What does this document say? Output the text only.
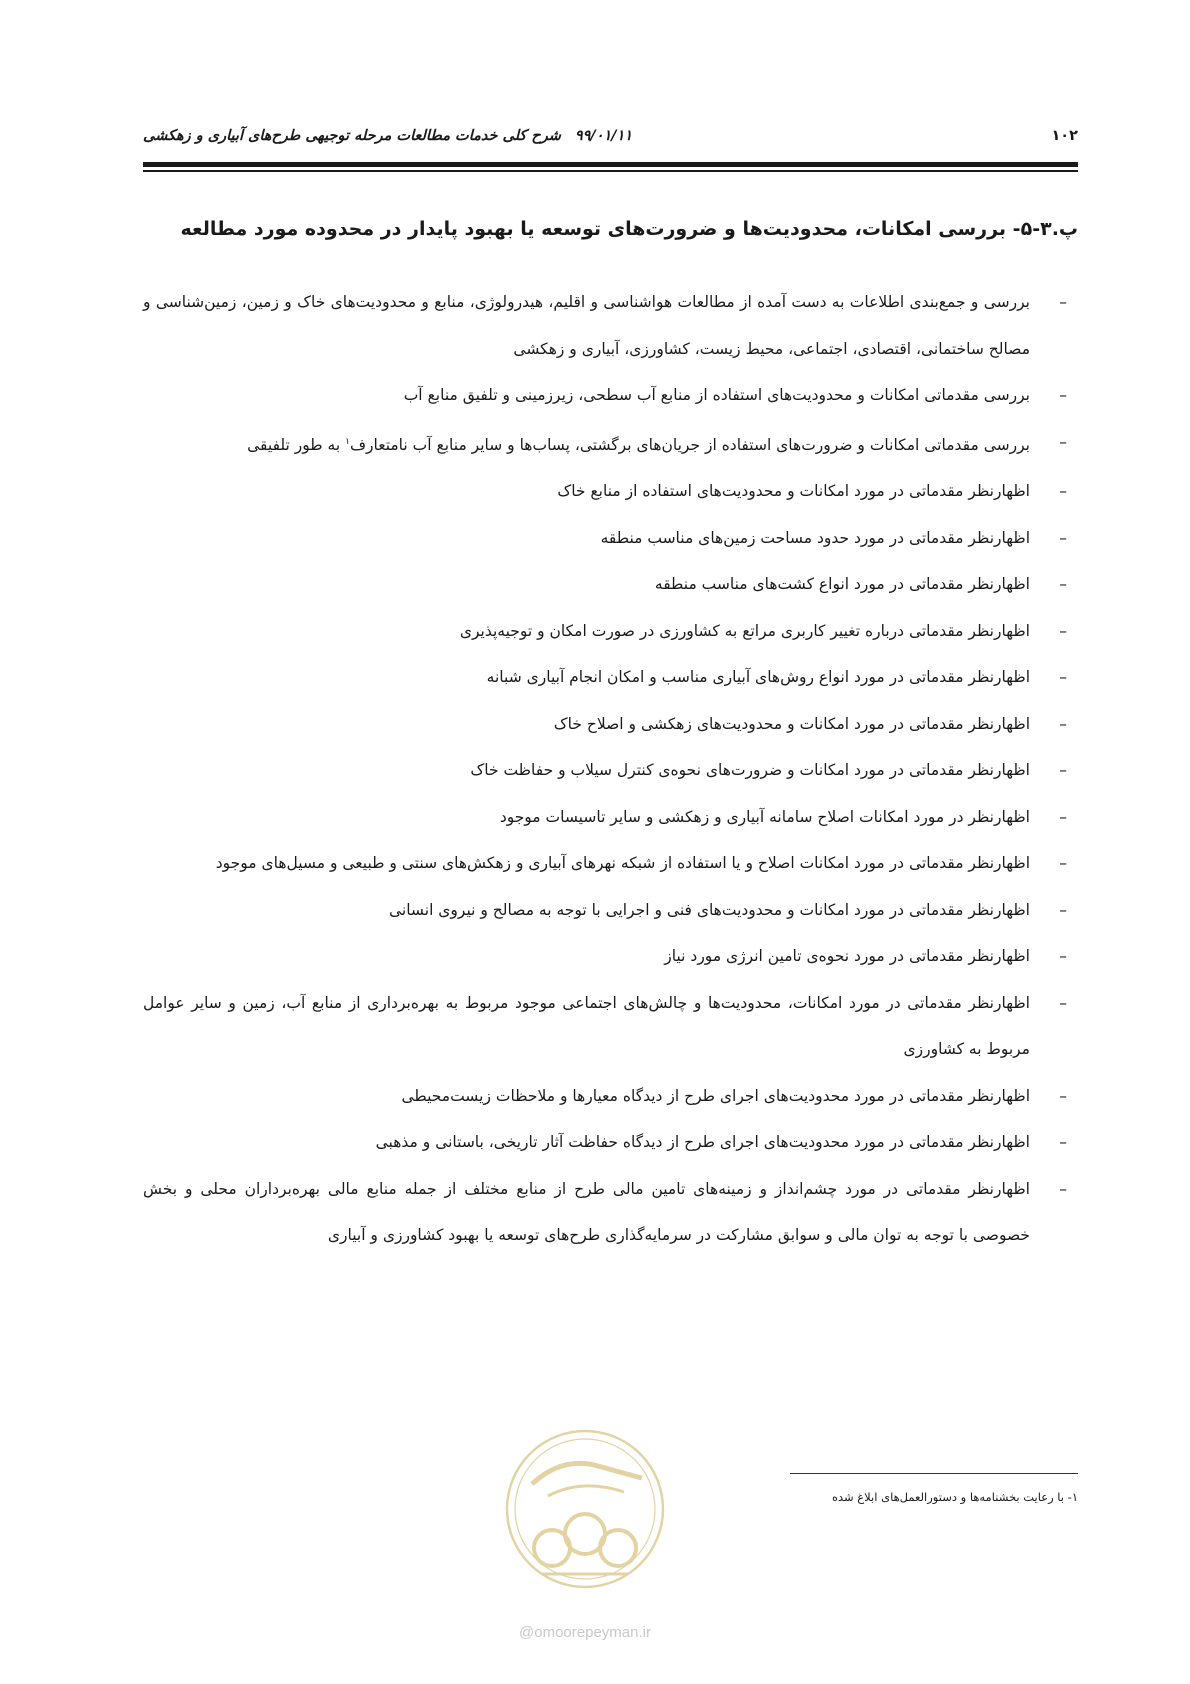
۱۰۲
۹۹/۰۱/۱۱شرح کلی خدمات مطالعات مرحله توجیهی طرح‌های آبیاری و زهکشی
پ.۳-۵- بررسی امکانات، محدودیت‌ها و ضرورت‌های توسعه یا بهبود پایدار در محدوده مورد مطالعه
–
بررسی و جمع‌بندی اطلاعات به دست آمده از مطالعات هواشناسی و اقلیم، هیدرولوژی، منابع و محدودیت‌های خاک و زمین، زمین‌شناسی و مصالح ساختمانی، اقتصادی، اجتماعی، محیط زیست، کشاورزی، آبیاری و زهکشی
–
بررسی مقدماتی امکانات و محدودیت‌های استفاده از منابع آب سطحی، زیرزمینی و تلفیق منابع آب
–
بررسی مقدماتی امکانات و ضرورت‌های استفاده از جریان‌های برگشتی، پساب‌ها و سایر منابع آب نامتعارف$^۱$ به طور تلفیقی
–
اظهارنظر مقدماتی در مورد امکانات و محدودیت‌های استفاده از منابع خاک
–
اظهارنظر مقدماتی در مورد حدود مساحت زمین‌های مناسب منطقه
–
اظهارنظر مقدماتی در مورد انواع کشت‌های مناسب منطقه
–
اظهارنظر مقدماتی درباره تغییر کاربری مراتع به کشاورزی در صورت امکان و توجیه‌پذیری
–
اظهارنظر مقدماتی در مورد انواع روش‌های آبیاری مناسب و امکان انجام آبیاری شبانه
–
اظهارنظر مقدماتی در مورد امکانات و محدودیت‌های زهکشی و اصلاح خاک
–
اظهارنظر مقدماتی در مورد امکانات و ضرورت‌های نحوه‌ی کنترل سیلاب و حفاظت خاک
–
اظهارنظر در مورد امکانات اصلاح سامانه آبیاری و زهکشی و سایر تاسیسات موجود
–
اظهارنظر مقدماتی در مورد امکانات اصلاح و یا استفاده از شبکه نهرهای آبیاری و زهکش‌های سنتی و طبیعی و مسیل‌های موجود
–
اظهارنظر مقدماتی در مورد امکانات و محدودیت‌های فنی و اجرایی با توجه به مصالح و نیروی انسانی
–
اظهارنظر مقدماتی در مورد نحوه‌ی تامین انرژی مورد نیاز
–
اظهارنظر مقدماتی در مورد امکانات، محدودیت‌ها و چالش‌های اجتماعی موجود مربوط به بهره‌برداری از منابع آب، زمین و سایر عوامل مربوط به کشاورزی
–
اظهارنظر مقدماتی در مورد محدودیت‌های اجرای طرح از دیدگاه معیارها و ملاحظات زیست‌محیطی
–
اظهارنظر مقدماتی در مورد محدودیت‌های اجرای طرح از دیدگاه حفاظت آثار تاریخی، باستانی و مذهبی
–
اظهارنظر مقدماتی در مورد چشم‌انداز و زمینه‌های تامین مالی طرح از منابع مختلف از جمله منابع مالی بهره‌برداران محلی و بخش خصوصی با توجه به توان مالی و سوابق مشارکت در سرمایه‌گذاری طرح‌های توسعه یا بهبود کشاورزی و آبیاری
۱- با رعایت بخشنامه‌ها و دستورالعمل‌های ابلاغ شده
@omoorepeyman.ir
